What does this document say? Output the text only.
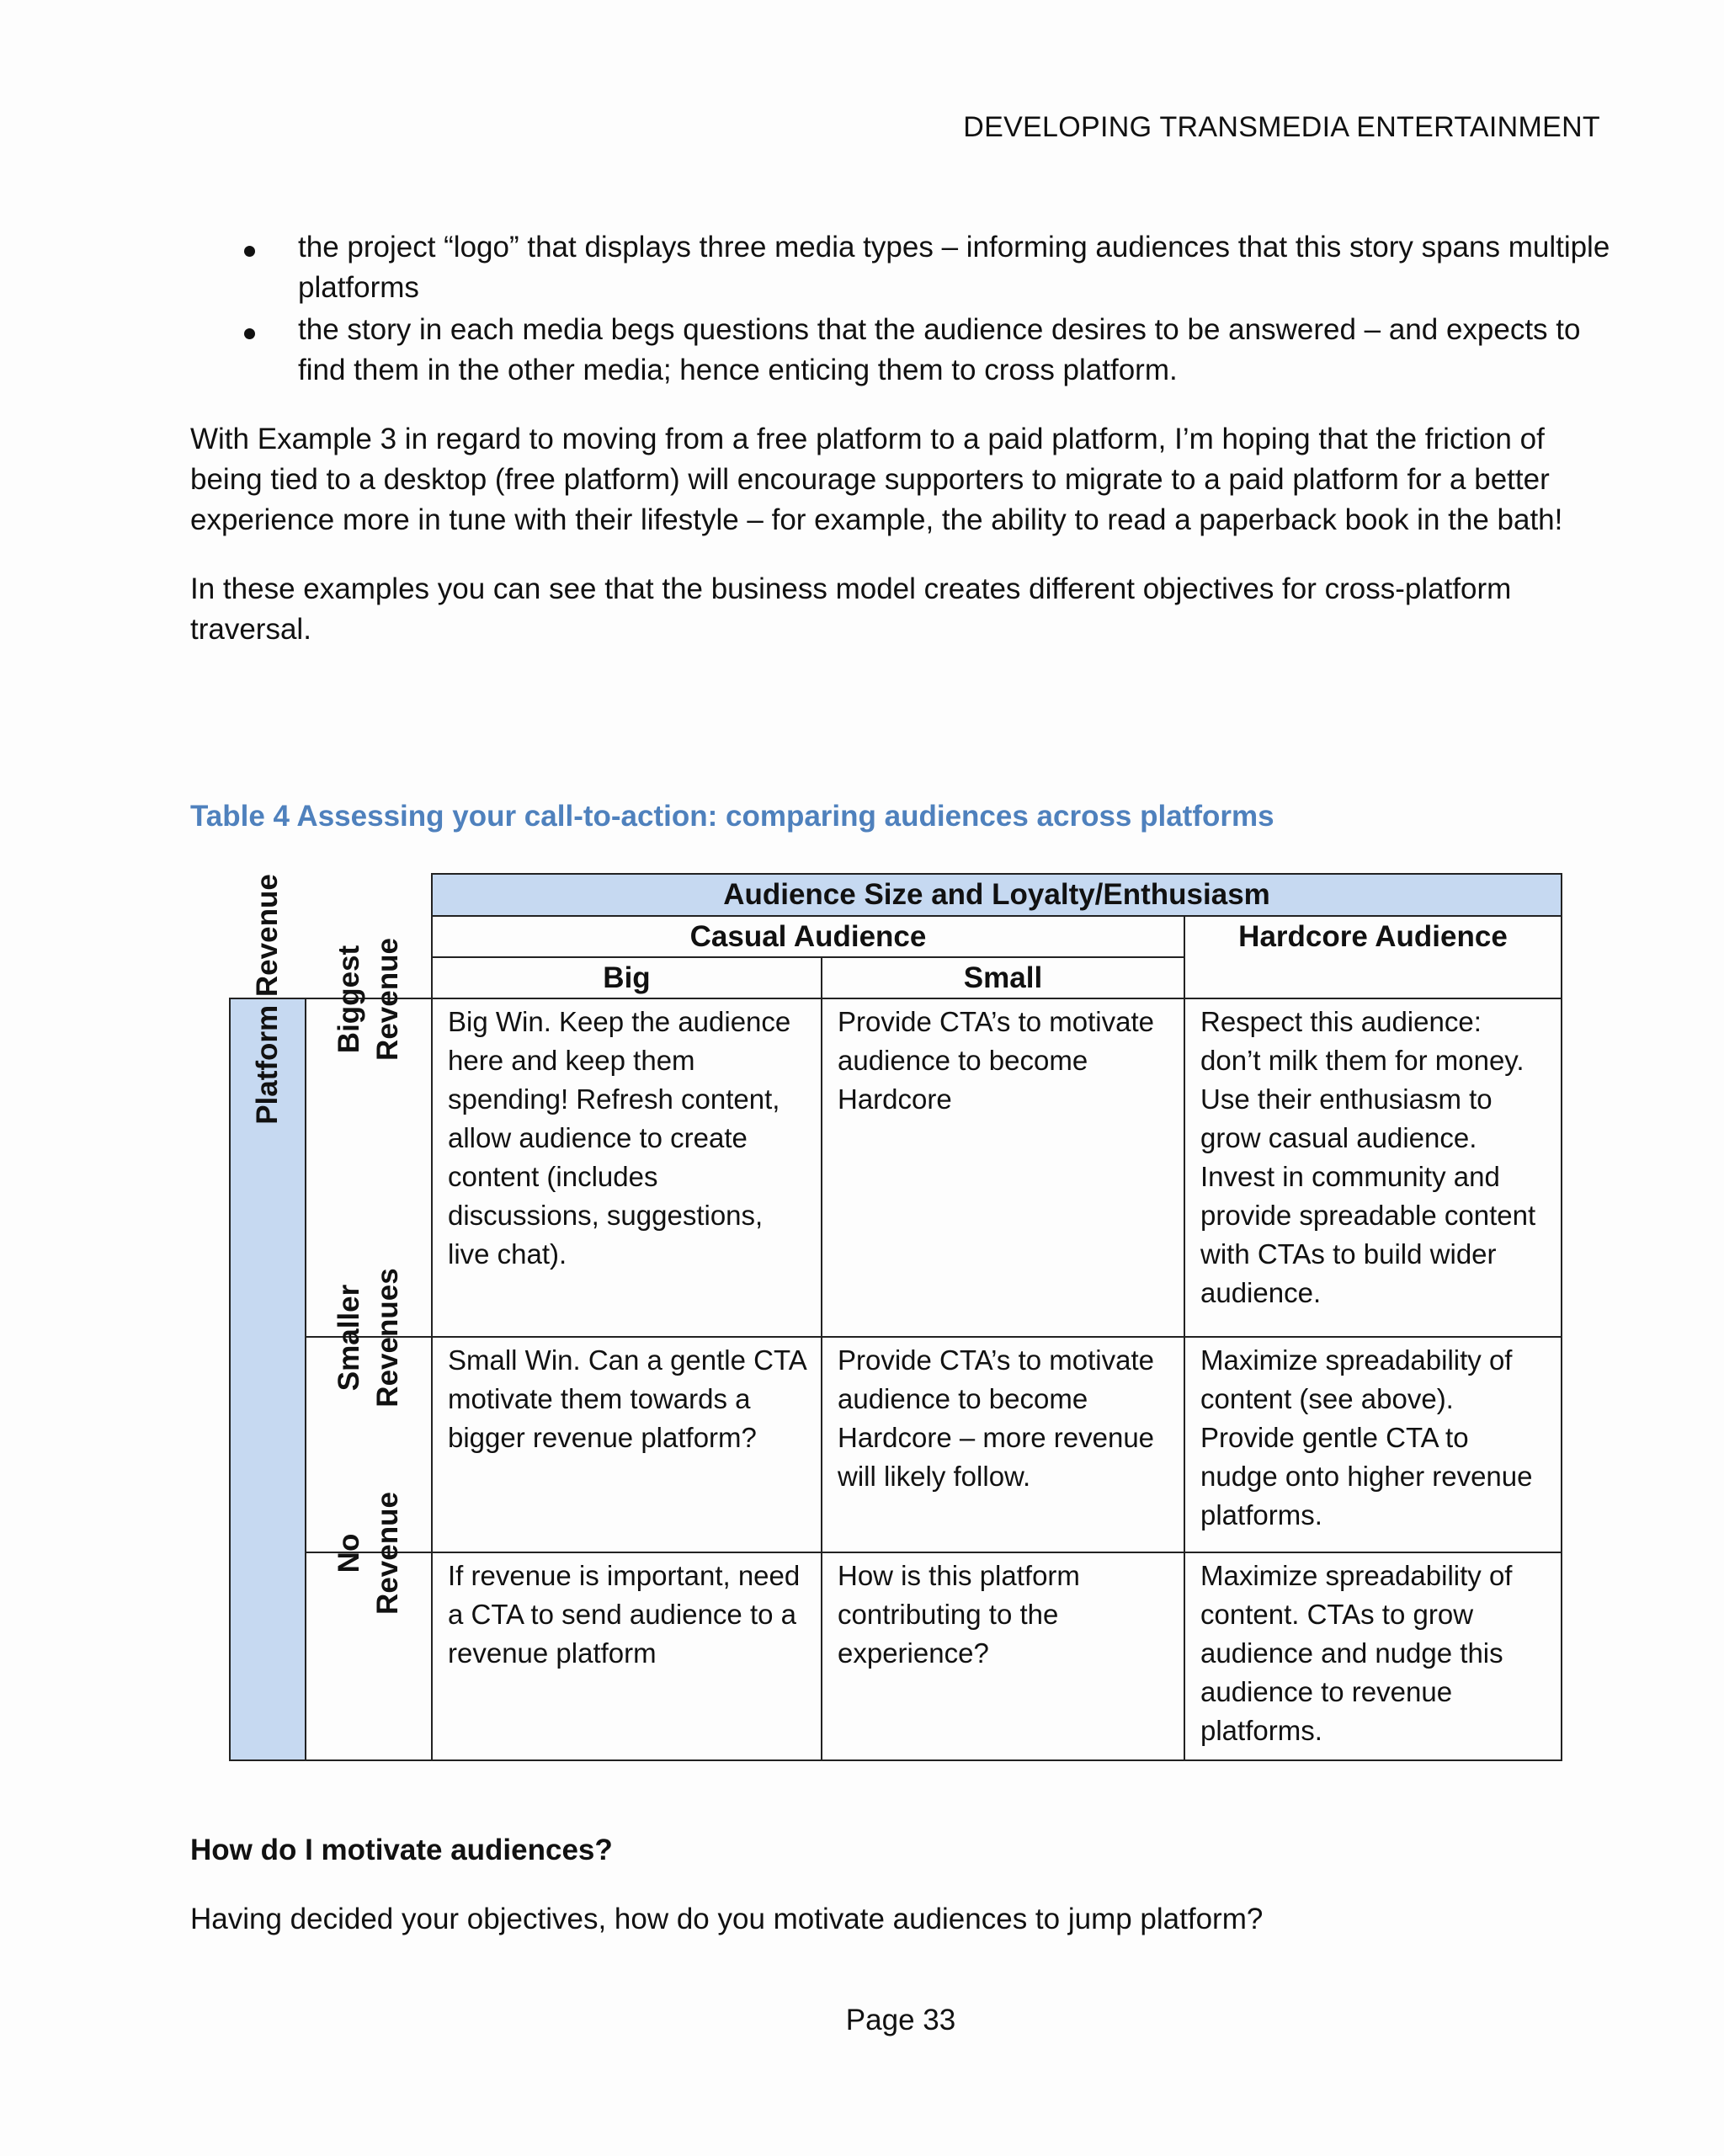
DEVELOPING TRANSMEDIA ENTERTAINMENT
the project “logo” that displays three media types – informing audiences that this story spans multiple platforms
the story in each media begs questions that the audience desires to be answered – and expects to find them in the other media; hence enticing them to cross platform.

With Example 3 in regard to moving from a free platform to a paid platform, I’m hoping that the friction of being tied to a desktop (free platform) will encourage supporters to migrate to a paid platform for a better experience more in tune with their lifestyle – for example, the ability to read a paperback book in the bath!

In these examples you can see that the business model creates different objectives for cross-platform traversal.

Table 4 Assessing your call-to-action: comparing audiences across platforms
		Audience Size and Loyalty/Enthusiasm		
		Casual Audience		Hardcore Audience
		Big	Small	

Platform Revenue	Biggest Revenue	Big Win. Keep the audience here and keep them spending! Refresh content, allow audience to create content (includes discussions, suggestions, live chat).	Provide CTA’s to motivate audience to become Hardcore	Respect this audience: don’t milk them for money. Use their enthusiasm to grow casual audience. Invest in community and provide spreadable content with CTAs to build wider audience.

	Smaller Revenues	Small Win. Can a gentle CTA motivate them towards a bigger revenue platform?	Provide CTA’s to motivate audience to become Hardcore – more revenue will likely follow.	Maximize spreadability of content (see above). Provide gentle CTA to nudge onto higher revenue platforms.

	No Revenue	If revenue is important, need a CTA to send audience to a revenue platform	How is this platform contributing to the experience?	Maximize spreadability of content. CTAs to grow audience and nudge this audience to revenue platforms.
How do I motivate audiences?
Having decided your objectives, how do you motivate audiences to jump platform?
Page 33
